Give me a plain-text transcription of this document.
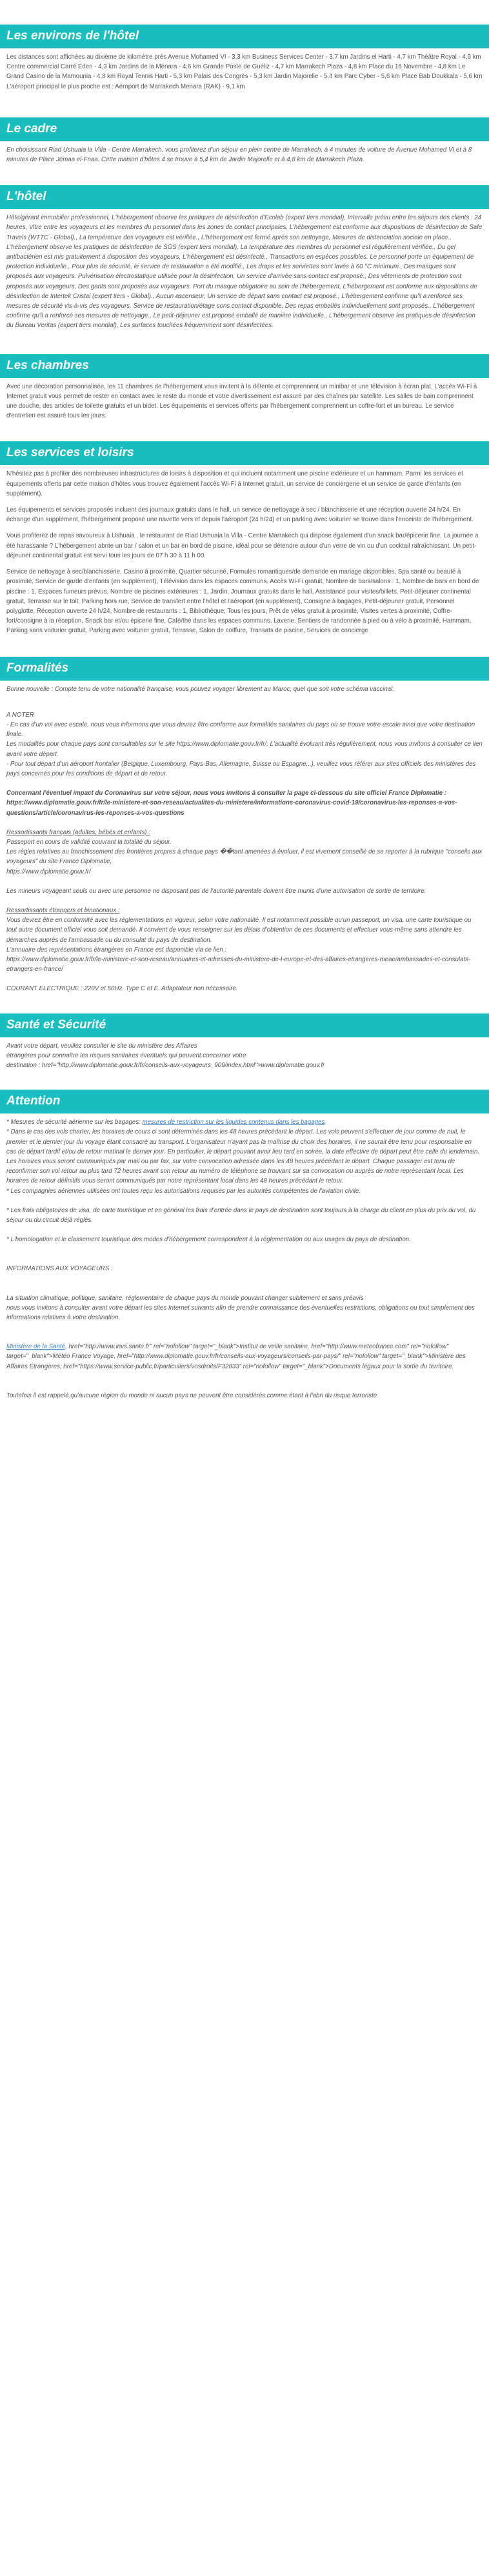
Les environs de l'hôtel

Les distances sont affichées au dixième de kilomètre près Avenue Mohamed VI - 3,3 km Business Services Center - 3,7 km Jardins el Harti - 4,7 km Théâtre Royal - 4,9 km Centre commercial Carré Eden - 4,3 km Jardins de la Ménara - 4,6 km Grande Poste de Guéliz - 4,7 km Marrakech Plaza - 4,8 km Place du 16 Novembre - 4,8 km Le Grand Casino de la Mamounia - 4,8 km Royal Tennis Harti - 5,3 km Palais des Congrès - 5,3 km Jardin Majorelle - 5,4 km Parc Cyber - 5,6 km Place Bab Doukkala - 5,6 km L'aéroport principal le plus proche est : Aéroport de Marrakech Menara (RAK) - 9,1 km

Le cadre

En choisissant Riad Ushuaia la Villa - Centre Marrakech, vous profiterez d'un séjour en plein centre de Marrakech, à 4 minutes de voiture de Avenue Mohamed VI et à 8 minutes de Place Jemaa el-Fnaa. Cette maison d'hôtes 4 se trouve à 5,4 km de Jardin Majorelle et à 4,8 km de Marrakech Plaza.

L'hôtel

Hôte/gérant immobilier professionnel, L'hébergement observe les pratiques de désinfection d'Ecolab (expert tiers mondial), Intervalle prévu entre les séjours des clients : 24 heures, Vitre entre les voyageurs et les membres du personnel dans les zones de contact principales, L'hébergement est conforme aux dispositions de désinfection de Safe Travels (WTTC - Global)., La température des voyageurs est vérifiée., L'hébergement est fermé après son nettoyage, Mesures de distanciation sociale en place., L'hébergement observe les pratiques de désinfection de SGS (expert tiers mondial), La température des membres du personnel est régulièrement vérifiée., Du gel antibactérien est mis gratuitement à disposition des voyageurs, L'hébergement est désinfecté., Transactions en espèces possibles. Le personnel porte un équipement de protection individuelle., Pour plus de sécurité, le service de restauration a été modifié., Les draps et les serviettes sont lavés à 60 °C minimum., Des masques sont proposés aux voyageurs. Pulvérisation électrostatique utilisée pour la désinfection, Un service d'arrivée sans contact est proposé., Des vêtements de protection sont proposés aux voyageurs, Des gants sont proposés aux voyageurs. Port du masque obligatoire au sein de l'hébergement, L'hébergement est conforme aux dispositions de désinfection de Intertek Cristal (expert tiers - Global)., Aucun ascenseur, Un service de départ sans contact est proposé., L'hébergement confirme qu'il a renforcé ses mesures de sécurité vis-à-vis des voyageurs. Service de restauration/étage sons contact disponible, Des repas emballés individuellement sont proposés., L'hébergement confirme qu'il a renforcé ses mesures de nettoyage., Le petit-déjeuner est proposé emballé de manière individuelle., L'hébergement observe les pratiques de désinfection du Bureau Veritas (expert tiers mondial), Les surfaces touchées fréquemment sont désinfectées.

Les chambres

Avec une décoration personnalisée, les 11 chambres de l'hébergement vous invitent à la détente et comprennent un minibar et une télévision à écran plat. L'accès Wi-Fi à Internet gratuit vous permet de rester en contact avec le reste du monde et votre divertissement est assuré par des chaînes par satellite. Les salles de bain comprennent une douche, des articles de toilette gratuits et un bidet. Les équipements et services offerts par l'hébergement comprennent un coffre-fort et un bureau. Le service d'entretien est assuré tous les jours.

Les services et loisirs

N'hésitez pas à profiter des nombreuses infrastructures de loisirs à disposition et qui incluent notamment une piscine extérieure et un hammam. Parmi les services et équipements offerts par cette maison d'hôtes vous trouvez également l'accès Wi-Fi à Internet gratuit, un service de conciergerie et un service de garde d'enfants (en supplément).

Les équipements et services proposés incluent des journaux gratuits dans le hall, un service de nettoyage à sec / blanchisserie et une réception ouverte 24 h/24. En échange d'un supplément, l'hébergement propose une navette vers et depuis l'aéroport (24 h/24) et un parking avec voiturier se trouve dans l'enceinte de l'hébergement.

Vous profiterez de repas savoureux à Ushuaia , le restaurant de Riad Ushuaia la Villa - Centre Marrakech qui dispose également d'un snack bar/épicerie fine. La journée a été harassante ? L'hébergement abrite un bar / salon et un bar en bord de piscine, idéal pour se détendre autour d'un verre de vin ou d'un cocktail rafraîchissant. Un petit-déjeuner continental gratuit est servi tous les jours de 07 h 30 à 11 h 00.

Service de nettoyage à sec/blanchisserie, Casino à proximité, Quartier sécurisé, Formules romantiques/de demande en mariage disponibles, Spa santé ou beauté à proximité, Service de garde d'enfants (en supplément), Télévision dans les espaces communs, Accès Wi-Fi gratuit, Nombre de bars/salons : 1, Nombre de bars en bord de piscine : 1, Espaces fumeurs prévus, Nombre de piscines extérieures : 1, Jardin, Journaux gratuits dans le hall, Assistance pour visites/billets, Petit-déjeuner continental gratuit, Terrasse sur le toit, Parking hors rue, Service de transfert entre l'hôtel et l'aéroport (en supplément), Consigne à bagages, Petit-déjeuner gratuit, Personnel polyglotte, Réception ouverte 24 h/24, Nombre de restaurants : 1, Bibliothèque, Tous les jours, Prêt de vélos gratuit à proximité, Visites vertes à proximité, Coffre-fort/consigne à la réception, Snack bar et/ou épicerie fine, Café/thé dans les espaces communs, Laverie, Sentiers de randonnée à pied ou à vélo à proximité, Hammam, Parking sans voiturier gratuit, Parking avec voiturier gratuit, Terrasse, Salon de coiffure, Transats de piscine, Services de concierge

Formalités

Bonne nouvelle : Compte tenu de votre nationalité française, vous pouvez voyager librement au Maroc, quel que soit votre schéma vaccinal.

A NOTER
- En cas d'un vol avec escale, nous vous informons que vous devrez être conforme aux formalités sanitaires du pays où se trouve votre escale ainsi que votre destination finale.
Les modalités pour chaque pays sont consultables sur le site https://www.diplomatie.gouv.fr/fr/. L'actualité évoluant très régulièrement, nous vous invitons à consulter ce lien avant votre départ.
- Pour tout départ d'un aéroport frontalier (Belgique, Luxembourg, Pays-Bas, Allemagne, Suisse ou Espagne...), veuillez vous référer aux sites officiels des ministères des pays concernés pour les conditions de départ et de retour.
Concernant l'éventuel impact du Coronavirus sur votre séjour, nous vous invitons à consulter la page ci-dessous du site officiel France Diplomatie :
https://www.diplomatie.gouv.fr/fr/le-ministere-et-son-reseau/actualites-du-ministere/informations-coronavirus-covid-19/coronavirus-les-reponses-a-vos-questions/article/coronavirus-les-reponses-a-vos-questions
Ressortissants français (adultes, bébés et enfants) :
Passeport en cours de validité couvrant la totalité du séjour.
Les règles relatives au franchissement des frontières propres à chaque pays ��tant amenées à évoluer, il est vivement conseillé de se reporter à la rubrique "conseils aux voyageurs" du site France Diplomatie,
https://www.diplomatie.gouv.fr/
Les mineurs voyageant seuls ou avec une personne ne disposant pas de l'autorité parentale doivent être munis d'une autorisation de sortie de territoire.
Ressortissants étrangers et binationaux :
Vous devrez être en conformité avec les réglementations en vigueur, selon votre nationalité. Il est notamment possible qu'un passeport, un visa, une carte touristique ou tout autre document officiel vous soit demandé. Il convient de vous renseigner sur les délais d'obtention de ces documents et effectuer vous-même sans attendre les démarches auprès de l'ambassade ou du consulat du pays de destination.
L'annuaire des représentations étrangères en France est disponible via ce lien :
https://www.diplomatie.gouv.fr/fr/le-ministere-et-son-reseau/annuaires-et-adresses-du-ministere-de-l-europe-et-des-affaires-etrangeres-meae/ambassades-et-consulats-etrangers-en-france/
COURANT ELECTRIQUE : 220V et 50Hz. Type C et E. Adaptateur non nécessaire.
Santé et Sécurité
Avant votre départ, veuillez consulter le site du ministère des Affaires
étrangères pour connaître les risques sanitaires éventuels qui peuvent concerner votre
destination : href="http://www.diplomatie.gouv.fr/fr/conseils-aux-voyageurs_909/index.html">www.diplomatie.gouv.fr
Attention
* Mesures de sécurité aérienne sur les bagages: mesures de restriction sur les liquides contenus dans les bagages.
* Dans le cas des vols charter, les horaires de cours ci sont déterminés dans les 48 heures précédant le départ. Les vols peuvent s'effectuer de jour comme de nuit, le premier et le dernier jour du voyage étant consacré au transport. L'organisateur n'ayant pas la maîtrise du choix des horaires, il ne saurait être tenu pour responsable en cas de départ tardif et/ou de retour matinal le dernier jour. En particulier, le départ pouvant avoir lieu tard en soirée, la date effective de départ peut être celle du lendemain. Les horaires vous seront communiqués par mail ou par fax, sur votre convocation adressée dans les 48 heures précédant le départ. Chaque passager est tenu de reconfirmer son vol retour au plus tard 72 heures avant son retour au numéro de téléphone se trouvant sur sa convocation ou auprès de notre représentant local. Les horaires de retour définitifs vous seront communiqués par notre représentant local dans les 48 heures précédant le retour.
* Les compagnies aériennes utilisées ont toutes reçu les autorisations requises par les autorités compétentes de l'aviation civile.
* Les frais obligatoires de visa, de carte touristique et en général les frais d'entrée dans le pays de destination sont toujours à la charge du client en plus du prix du vol, du séjour ou du circuit déjà réglés.
* L'homologation et le classement touristique des modes d'hébergement correspondent à la réglementation ou aux usages du pays de destination.
INFORMATIONS AUX VOYAGEURS :
La situation climatique, politique, sanitaire, réglementaire de chaque pays du monde pouvant changer subitement et sans préavis
nous vous invitons à consulter avant votre départ les sites Internet suivants afin de prendre connaissance des éventuelles restrictions, obligations ou tout simplement des informations relatives à votre destination.
Ministère de la Santé, href="http://www.invs.sante.fr" rel="nofollow" target="_blank">Institut de veille sanitaire, href="http://www.meteofrance.com" rel="nofollow" target="_blank">Météo France Voyage, href="http://www.diplomatie.gouv.fr/fr/conseils-aux-voyageurs/conseils-par-pays/" rel="nofollow" target="_blank">Ministère des Affaires Étrangères, href="https://www.service-public.fr/particuliers/vosdroits/F32833" rel="nofollow" target="_blank">Documents légaux pour la sortie du territoire.
Toutefois il est rappelé qu'aucune région du monde ni aucun pays ne peuvent être considérés comme étant à l'abri du risque terroriste.
